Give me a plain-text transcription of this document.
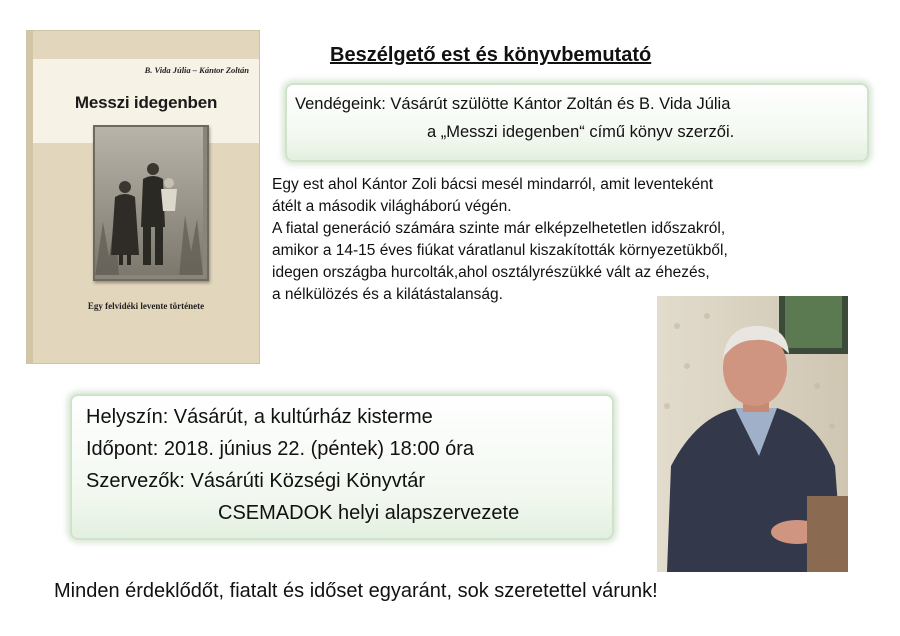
B. Vida Júlia – Kántor Zoltán
Messzi idegenben
Egy felvidéki levente története
Beszélgető est és könyvbemutató
Vendégeink: Vásárút szülötte Kántor Zoltán és B. Vida Júlia
a „Messzi idegenben“ című könyv szerzői.
Egy est ahol Kántor Zoli bácsi mesél mindarról, amit leventeként
átélt a második világháború végén.
A fiatal generáció számára szinte már elképzelhetetlen időszakról,
amikor a 14-15 éves fiúkat váratlanul kiszakították környezetükből,
idegen országba hurcolták,ahol osztályrészükké vált az éhezés,
a nélkülözés és a kilátástalanság.
Helyszín: Vásárút, a kultúrház kisterme
Időpont: 2018. június 22. (péntek) 18:00 óra
Szervezők: Vásárúti Községi Könyvtár
CSEMADOK helyi alapszervezete
Minden érdeklődőt, fiatalt és időset egyaránt, sok szeretettel várunk!
